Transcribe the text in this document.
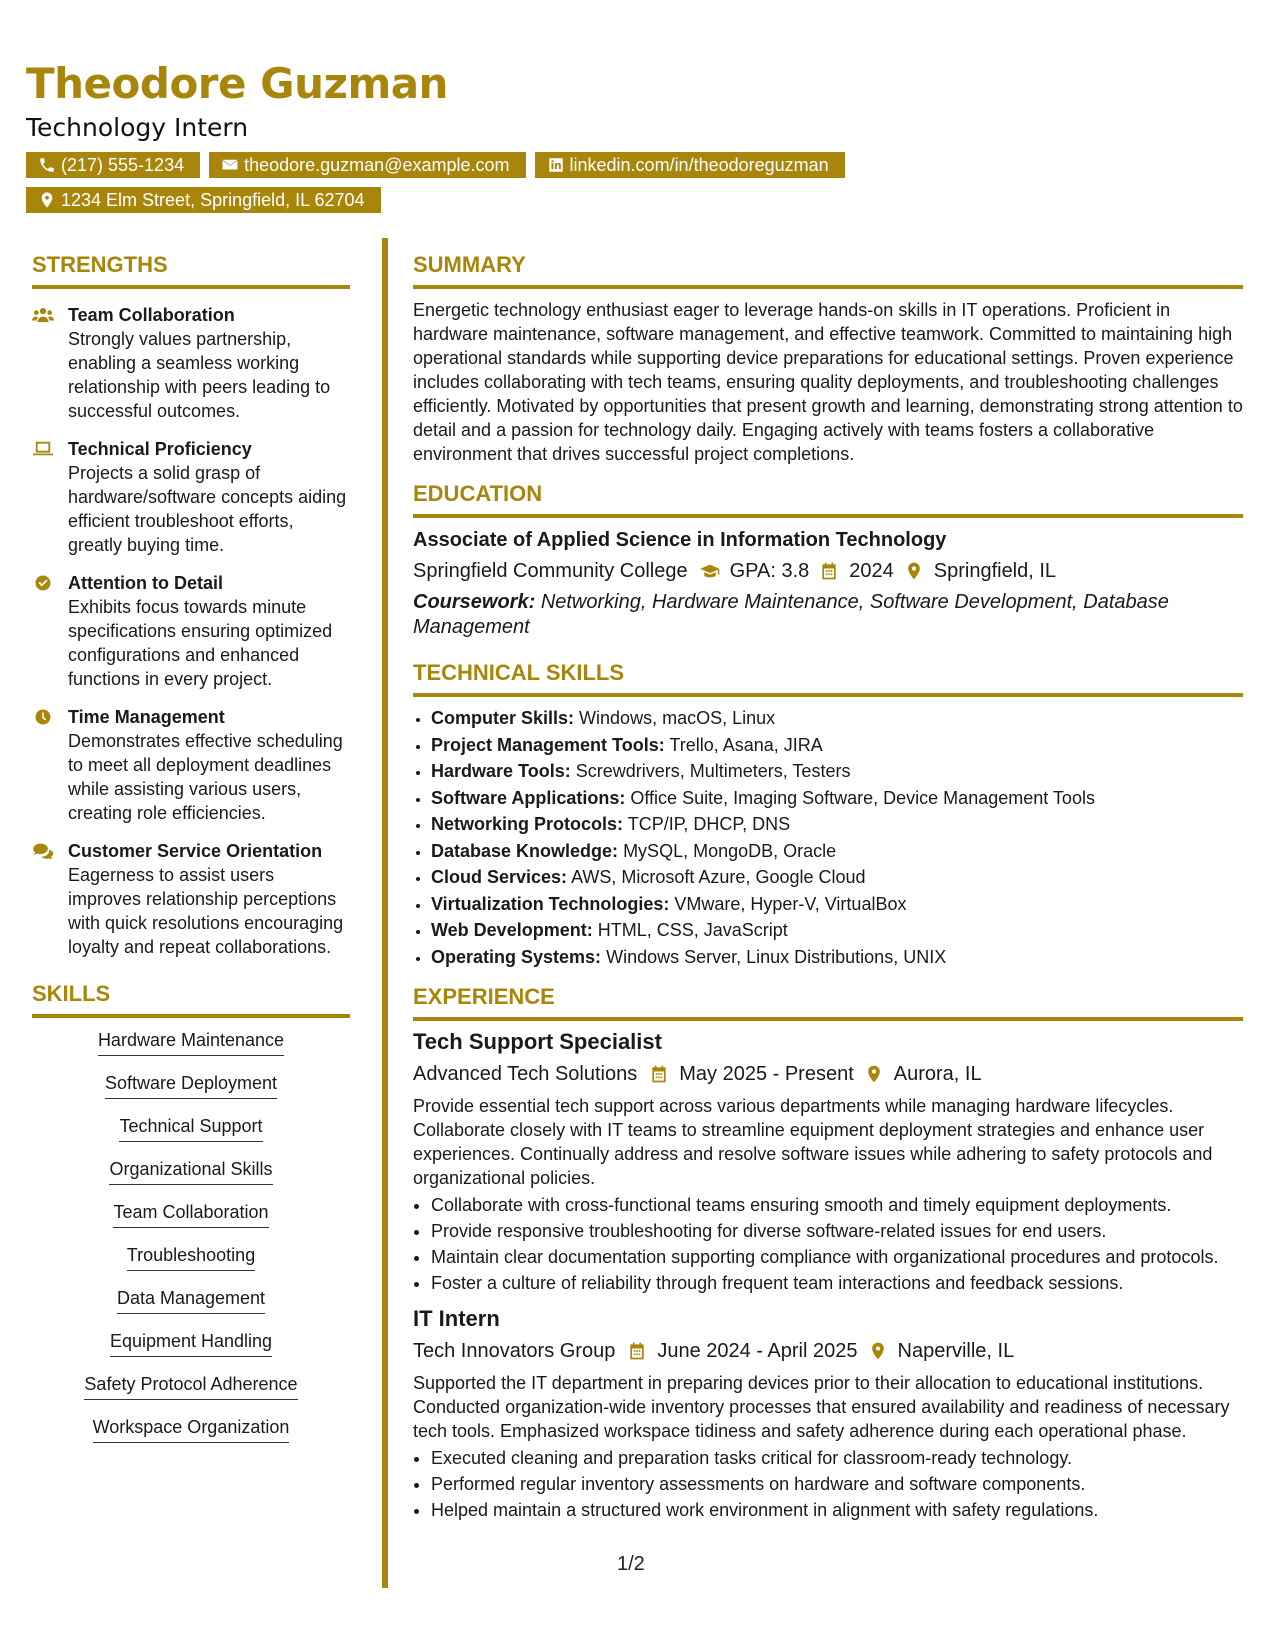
Theodore Guzman
Technology Intern
(217) 555-1234	theodore.guzman@example.com	linkedin.com/in/theodoreguzman
1234 Elm Street, Springfield, IL 62704
STRENGTHS
Team Collaboration
Strongly values partnership, enabling a seamless working relationship with peers leading to successful outcomes.
Technical Proficiency
Projects a solid grasp of hardware/software concepts aiding efficient troubleshoot efforts, greatly buying time.
Attention to Detail
Exhibits focus towards minute specifications ensuring optimized configurations and enhanced functions in every project.
Time Management
Demonstrates effective scheduling to meet all deployment deadlines while assisting various users, creating role efficiencies.
Customer Service Orientation
Eagerness to assist users improves relationship perceptions with quick resolutions encouraging loyalty and repeat collaborations.
SKILLS
Hardware Maintenance
Software Deployment
Technical Support
Organizational Skills
Team Collaboration
Troubleshooting
Data Management
Equipment Handling
Safety Protocol Adherence
Workspace Organization
SUMMARY
Energetic technology enthusiast eager to leverage hands-on skills in IT operations. Proficient in hardware maintenance, software management, and effective teamwork. Committed to maintaining high operational standards while supporting device preparations for educational settings. Proven experience includes collaborating with tech teams, ensuring quality deployments, and troubleshooting challenges efficiently. Motivated by opportunities that present growth and learning, demonstrating strong attention to detail and a passion for technology daily. Engaging actively with teams fosters a collaborative environment that drives successful project completions.
EDUCATION
Associate of Applied Science in Information Technology
Springfield Community College GPA: 3.8 2024 Springfield, IL
Coursework: Networking, Hardware Maintenance, Software Development, Database Management
TECHNICAL SKILLS
• Computer Skills: Windows, macOS, Linux
• Project Management Tools: Trello, Asana, JIRA
• Hardware Tools: Screwdrivers, Multimeters, Testers
• Software Applications: Office Suite, Imaging Software, Device Management Tools
• Networking Protocols: TCP/IP, DHCP, DNS
• Database Knowledge: MySQL, MongoDB, Oracle
• Cloud Services: AWS, Microsoft Azure, Google Cloud
• Virtualization Technologies: VMware, Hyper-V, VirtualBox
• Web Development: HTML, CSS, JavaScript
• Operating Systems: Windows Server, Linux Distributions, UNIX
EXPERIENCE
Tech Support Specialist
Advanced Tech Solutions May 2025 - Present Aurora, IL
Provide essential tech support across various departments while managing hardware lifecycles. Collaborate closely with IT teams to streamline equipment deployment strategies and enhance user experiences. Continually address and resolve software issues while adhering to safety protocols and organizational policies.
• Collaborate with cross-functional teams ensuring smooth and timely equipment deployments.
• Provide responsive troubleshooting for diverse software-related issues for end users.
• Maintain clear documentation supporting compliance with organizational procedures and protocols.
• Foster a culture of reliability through frequent team interactions and feedback sessions.
IT Intern
Tech Innovators Group June 2024 - April 2025 Naperville, IL
Supported the IT department in preparing devices prior to their allocation to educational institutions. Conducted organization-wide inventory processes that ensured availability and readiness of necessary tech tools. Emphasized workspace tidiness and safety adherence during each operational phase.
• Executed cleaning and preparation tasks critical for classroom-ready technology.
• Performed regular inventory assessments on hardware and software components.
• Helped maintain a structured work environment in alignment with safety regulations.
1/2
